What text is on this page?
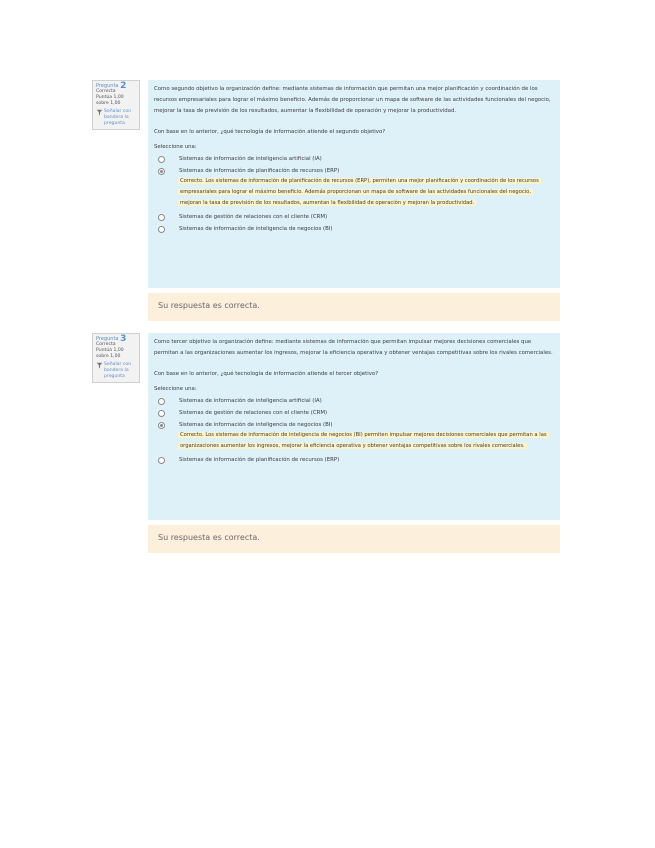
Pregunta 2
Correcta
Puntúa 1,00 sobre 1,00
Señalar con bandera la pregunta

Como segundo objetivo la organización define: mediante sistemas de información que permitan una mejor planificación y coordinación de los recursos empresariales para lograr el máximo beneficio. Además de proporcionar un mapa de software de las actividades funcionales del negocio, mejorar la tasa de previsión de los resultados, aumentar la flexibilidad de operación y mejorar la productividad.

Con base en lo anterior, ¿qué tecnología de información atiende el segundo objetivo?

Seleccione una:

Sistemas de información de inteligencia artificial (IA)
Sistemas de información de planificación de recursos (ERP)
Correcto. Los sistemas de información de planificación de recursos (ERP), permiten una mejor planificación y coordinación de los recursos empresariales para lograr el máximo beneficio. Además proporcionan un mapa de software de las actividades funcionales del negocio, mejoran la tasa de previsión de los resultados, aumentan la flexibilidad de operación y mejoran la productividad.
Sistemas de gestión de relaciones con el cliente (CRM)
Sistemas de información de inteligencia de negocios (BI)
Su respuesta es correcta.
Pregunta 3
Correcta
Puntúa 1,00 sobre 1,00
Señalar con bandera la pregunta

Como tercer objetivo la organización define: mediante sistemas de información que permitan impulsar mejores decisiones comerciales que permitan a las organizaciones aumentar los ingresos, mejorar la eficiencia operativa y obtener ventajas competitivas sobre los rivales comerciales.

Con base en lo anterior, ¿qué tecnología de información atiende el tercer objetivo?

Seleccione una:

Sistemas de información de inteligencia artificial (IA)
Sistemas de gestión de relaciones con el cliente (CRM)
Sistemas de información de inteligencia de negocios (BI)
Correcto. Los sistemas de información de inteligencia de negocios (BI) permiten impulsar mejores decisiones comerciales que permitan a las organizaciones aumentar los ingresos, mejorar la eficiencia operativa y obtener ventajas competitivas sobre los rivales comerciales.
Sistemas de información de planificación de recursos (ERP)
Su respuesta es correcta.
